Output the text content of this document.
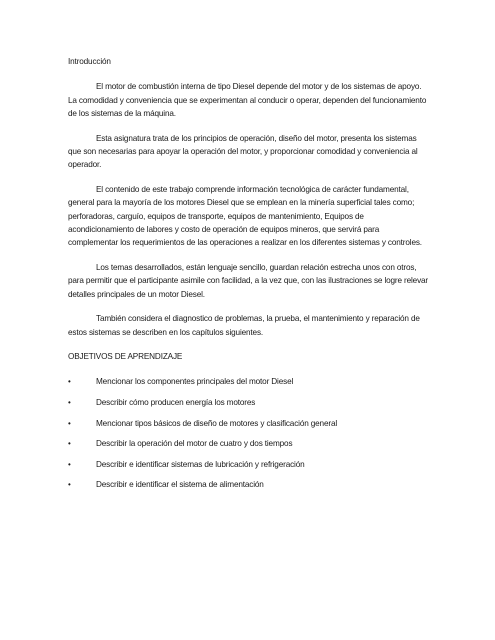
Introducción

El motor de combustión interna de tipo Diesel depende del motor y de los sistemas de apoyo. La comodidad y conveniencia que se experimentan al conducir o operar, dependen del funcionamiento de los sistemas de la máquina.

Esta asignatura trata de los principios de operación, diseño del motor, presenta los sistemas que son necesarias para apoyar la operación del motor, y proporcionar comodidad y conveniencia al operador.

El contenido de este trabajo comprende información tecnológica de carácter fundamental, general para la mayoría de los motores Diesel que se emplean en la minería superficial tales como; perforadoras, carguío, equipos de transporte, equipos de mantenimiento, Equipos de acondicionamiento de labores y costo de operación de equipos mineros, que servirá para complementar los requerimientos de las operaciones a realizar en los diferentes sistemas y controles.

Los temas desarrollados, están lenguaje sencillo, guardan relación estrecha unos con otros, para permitir que el participante asimile con facilidad, a la vez que, con las ilustraciones se logre relevar detalles principales de un motor Diesel.

También considera el diagnostico de problemas, la prueba, el mantenimiento y reparación de estos sistemas se describen en los capítulos siguientes.

OBJETIVOS DE APRENDIZAJE

•	Mencionar los componentes principales del motor Diesel
•	Describir cómo producen energía los motores
•	Mencionar tipos básicos de diseño de motores y clasificación general
•	Describir la operación del motor de cuatro y dos tiempos
•	Describir e identificar sistemas de lubricación y refrigeración
•	Describir e identificar el sistema de alimentación
